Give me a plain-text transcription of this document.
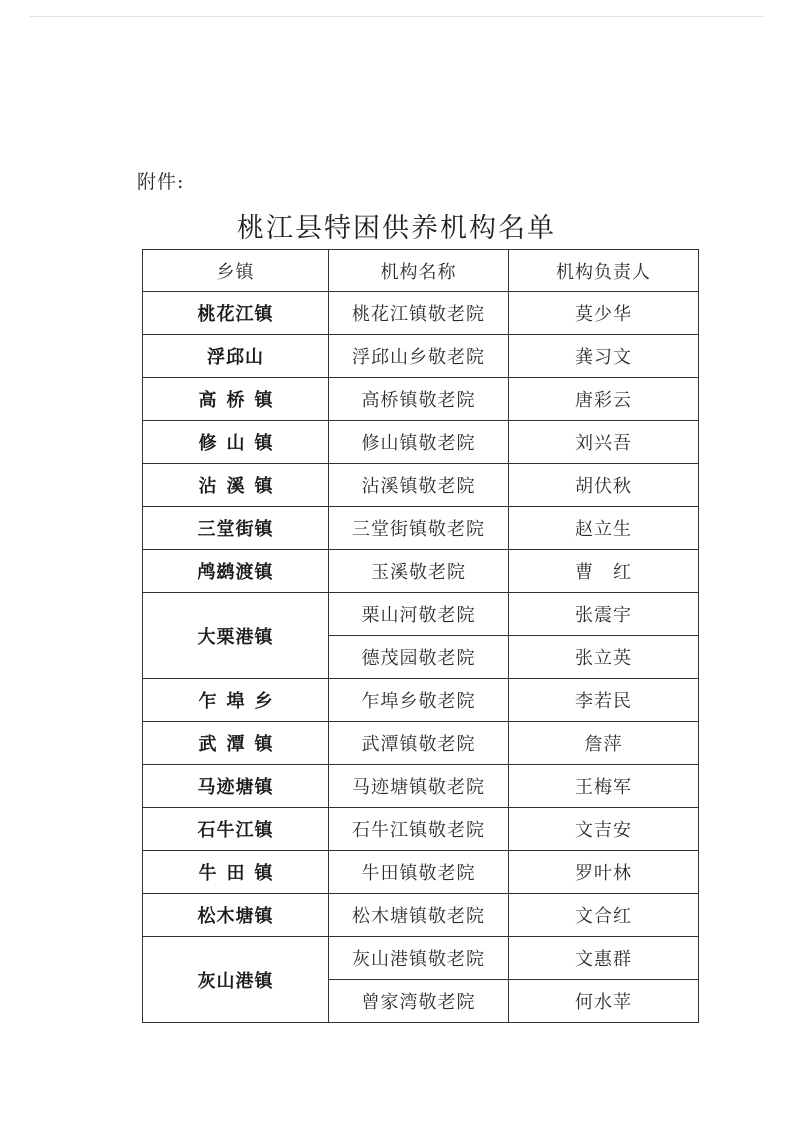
附件:
桃江县特困供养机构名单
乡镇	机构名称	机构负责人
桃花江镇	桃花江镇敬老院	莫少华
浮邱山	浮邱山乡敬老院	龚习文
高桥镇	高桥镇敬老院	唐彩云
修山镇	修山镇敬老院	刘兴吾
沾溪镇	沾溪镇敬老院	胡伏秋
三堂街镇	三堂街镇敬老院	赵立生
鸬鹚渡镇	玉溪敬老院	曹　红
大栗港镇	栗山河敬老院	张震宇
	德茂园敬老院	张立英
乍埠乡	乍埠乡敬老院	李若民
武潭镇	武潭镇敬老院	詹萍
马迹塘镇	马迹塘镇敬老院	王梅军
石牛江镇	石牛江镇敬老院	文吉安
牛田镇	牛田镇敬老院	罗叶林
松木塘镇	松木塘镇敬老院	文合红
灰山港镇	灰山港镇敬老院	文惠群
	曾家湾敬老院	何水苹
